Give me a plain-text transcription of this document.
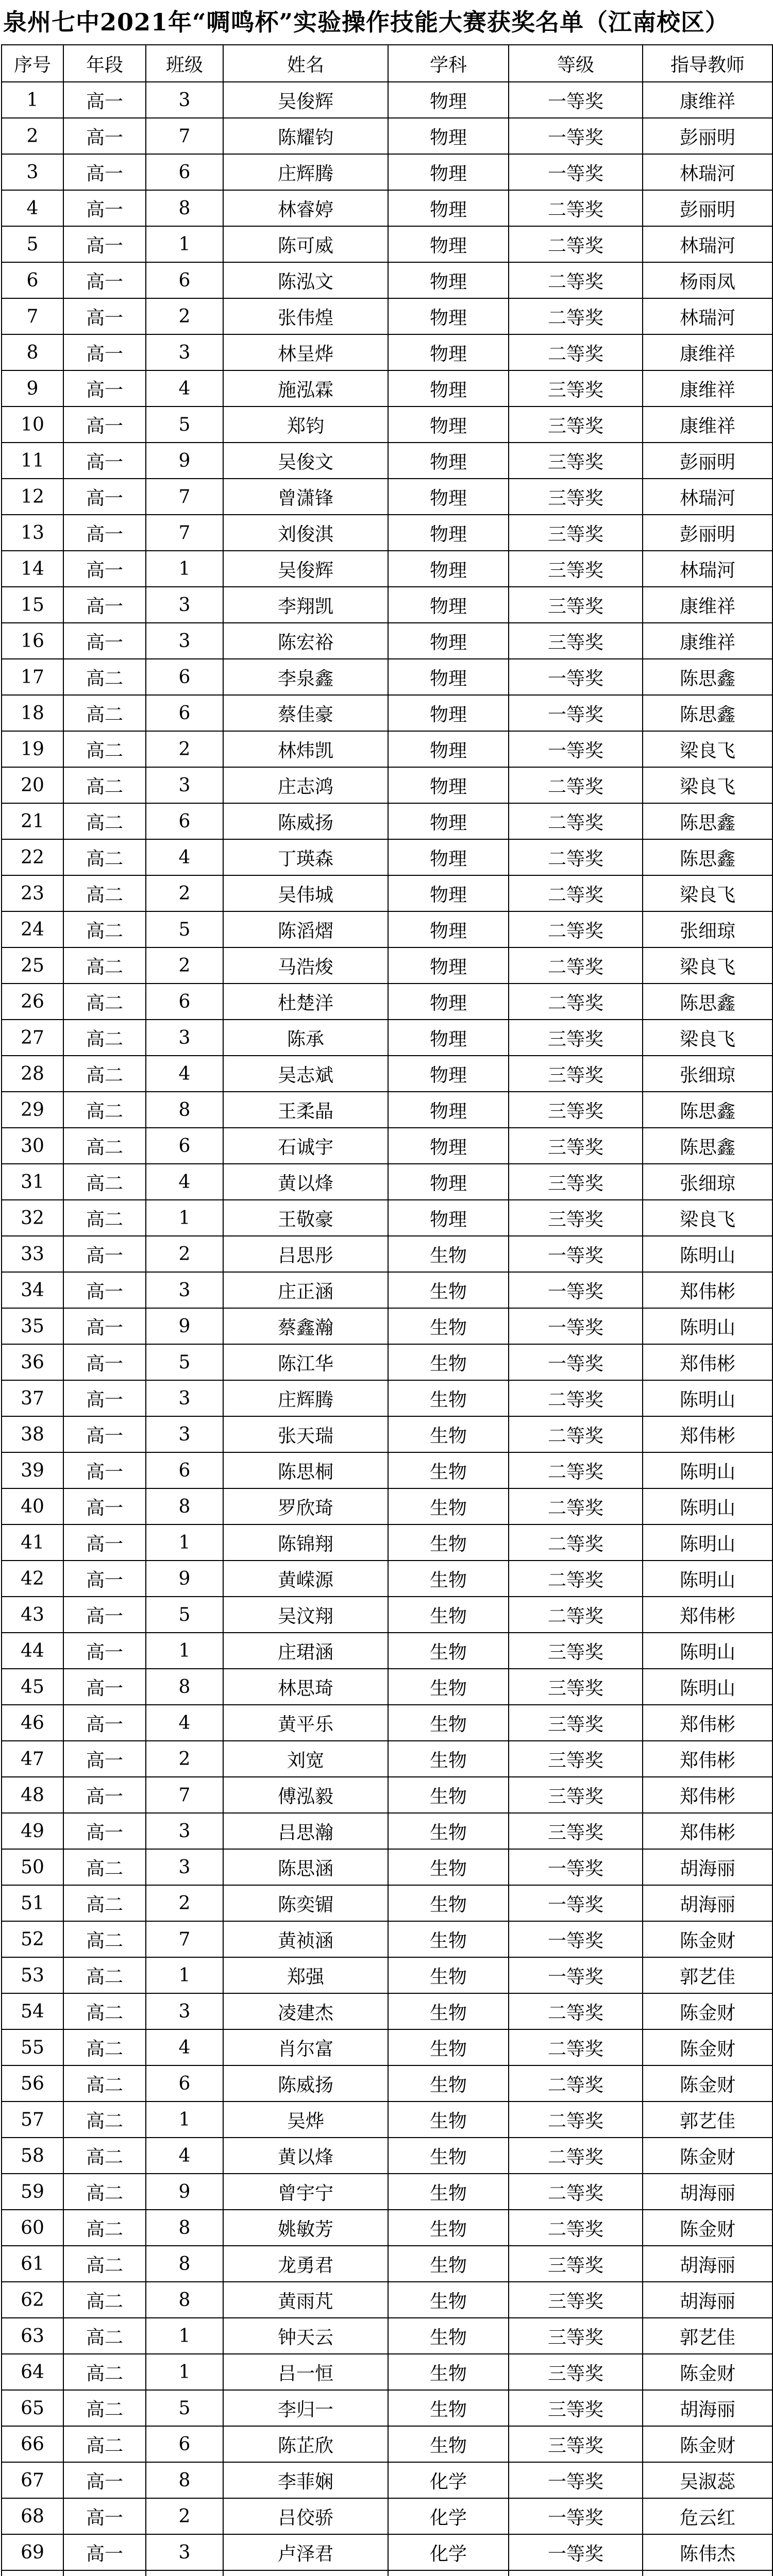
泉州七中2021年“啁鸣杯”实验操作技能大赛获奖名单（江南校区）
序号	年段	班级	姓名	学科	等级	指导教师
1	高一	3	吴俊辉	物理	一等奖	康维祥
2	高一	7	陈耀钧	物理	一等奖	彭丽明
3	高一	6	庄辉腾	物理	一等奖	林瑞河
4	高一	8	林睿婷	物理	二等奖	彭丽明
5	高一	1	陈可威	物理	二等奖	林瑞河
6	高一	6	陈泓文	物理	二等奖	杨雨凤
7	高一	2	张伟煌	物理	二等奖	林瑞河
8	高一	3	林呈烨	物理	二等奖	康维祥
9	高一	4	施泓霖	物理	三等奖	康维祥
10	高一	5	郑钧	物理	三等奖	康维祥
11	高一	9	吴俊文	物理	三等奖	彭丽明
12	高一	7	曾潇锋	物理	三等奖	林瑞河
13	高一	7	刘俊淇	物理	三等奖	彭丽明
14	高一	1	吴俊辉	物理	三等奖	林瑞河
15	高一	3	李翔凯	物理	三等奖	康维祥
16	高一	3	陈宏裕	物理	三等奖	康维祥
17	高二	6	李泉鑫	物理	一等奖	陈思鑫
18	高二	6	蔡佳豪	物理	一等奖	陈思鑫
19	高二	2	林炜凯	物理	一等奖	梁良飞
20	高二	3	庄志鸿	物理	二等奖	梁良飞
21	高二	6	陈威扬	物理	二等奖	陈思鑫
22	高二	4	丁瑛森	物理	二等奖	陈思鑫
23	高二	2	吴伟城	物理	二等奖	梁良飞
24	高二	5	陈滔熠	物理	二等奖	张细琼
25	高二	2	马浩焌	物理	二等奖	梁良飞
26	高二	6	杜楚洋	物理	二等奖	陈思鑫
27	高二	3	陈承	物理	三等奖	梁良飞
28	高二	4	吴志斌	物理	三等奖	张细琼
29	高二	8	王柔晶	物理	三等奖	陈思鑫
30	高二	6	石诚宇	物理	三等奖	陈思鑫
31	高二	4	黄以烽	物理	三等奖	张细琼
32	高二	1	王敬豪	物理	三等奖	梁良飞
33	高一	2	吕思彤	生物	一等奖	陈明山
34	高一	3	庄正涵	生物	一等奖	郑伟彬
35	高一	9	蔡鑫瀚	生物	一等奖	陈明山
36	高一	5	陈江华	生物	一等奖	郑伟彬
37	高一	3	庄辉腾	生物	二等奖	陈明山
38	高一	3	张天瑞	生物	二等奖	郑伟彬
39	高一	6	陈思桐	生物	二等奖	陈明山
40	高一	8	罗欣琦	生物	二等奖	陈明山
41	高一	1	陈锦翔	生物	二等奖	陈明山
42	高一	9	黄嵘源	生物	二等奖	陈明山
43	高一	5	吴汶翔	生物	二等奖	郑伟彬
44	高一	1	庄珺涵	生物	三等奖	陈明山
45	高一	8	林思琦	生物	三等奖	陈明山
46	高一	4	黄平乐	生物	三等奖	郑伟彬
47	高一	2	刘宽	生物	三等奖	郑伟彬
48	高一	7	傅泓毅	生物	三等奖	郑伟彬
49	高一	3	吕思瀚	生物	三等奖	郑伟彬
50	高二	3	陈思涵	生物	一等奖	胡海丽
51	高二	2	陈奕镅	生物	一等奖	胡海丽
52	高二	7	黄祯涵	生物	一等奖	陈金财
53	高二	1	郑强	生物	一等奖	郭艺佳
54	高二	3	凌建杰	生物	二等奖	陈金财
55	高二	4	肖尔富	生物	二等奖	陈金财
56	高二	6	陈威扬	生物	二等奖	陈金财
57	高二	1	吴烨	生物	二等奖	郭艺佳
58	高二	4	黄以烽	生物	二等奖	陈金财
59	高二	9	曾宇宁	生物	二等奖	胡海丽
60	高二	8	姚敏芳	生物	二等奖	陈金财
61	高二	8	龙勇君	生物	三等奖	胡海丽
62	高二	8	黄雨芃	生物	三等奖	胡海丽
63	高二	1	钟天云	生物	三等奖	郭艺佳
64	高二	1	吕一恒	生物	三等奖	陈金财
65	高二	5	李归一	生物	三等奖	胡海丽
66	高二	6	陈芷欣	生物	三等奖	陈金财
67	高一	8	李菲娴	化学	一等奖	吴淑蕊
68	高一	2	吕佼骄	化学	一等奖	危云红
69	高一	3	卢泽君	化学	一等奖	陈伟杰
